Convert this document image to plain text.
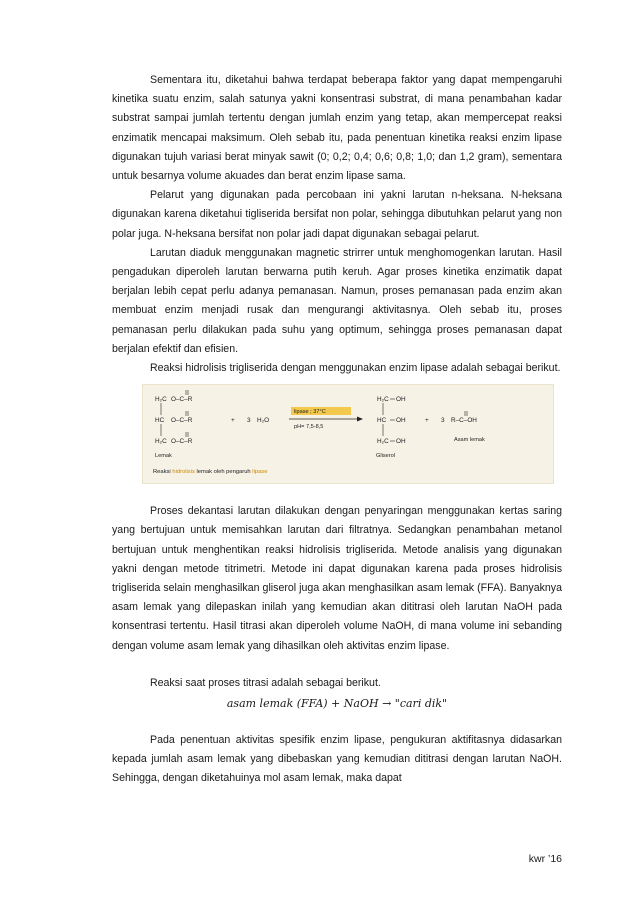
Sementara itu, diketahui bahwa terdapat beberapa faktor yang dapat mempengaruhi kinetika suatu enzim, salah satunya yakni konsentrasi substrat, di mana penambahan kadar substrat sampai jumlah tertentu dengan jumlah enzim yang tetap, akan mempercepat reaksi enzimatik mencapai maksimum. Oleh sebab itu, pada penentuan kinetika reaksi enzim lipase digunakan tujuh variasi berat minyak sawit (0; 0,2; 0,4; 0,6; 0,8; 1,0; dan 1,2 gram), sementara untuk besarnya volume akuades dan berat enzim lipase sama.

Pelarut yang digunakan pada percobaan ini yakni larutan n-heksana. N-heksana digunakan karena diketahui tigliserida bersifat non polar, sehingga dibutuhkan pelarut yang non polar juga. N-heksana bersifat non polar jadi dapat digunakan sebagai pelarut.

Larutan diaduk menggunakan magnetic strirrer untuk menghomogenkan larutan. Hasil pengadukan diperoleh larutan berwarna putih keruh. Agar proses kinetika enzimatik dapat berjalan lebih cepat perlu adanya pemanasan. Namun, proses pemanasan pada enzim akan membuat enzim menjadi rusak dan mengurangi aktivitasnya. Oleh sebab itu, proses pemanasan perlu dilakukan pada suhu yang optimum, sehingga proses pemanasan dapat berjalan efektif dan efisien.

Reaksi hidrolisis trigliserida dengan menggunakan enzim lipase adalah sebagai berikut.

H₂C O–C–R
HC O–C–R
H₂C O–C–R
Lemak
+ 3 H₂O
lipase ; 37°C
pH= 7,5-8,5
H₂C OH
HC OH
H₂C OH
Gliserol
+ 3 R–C–OH
Asam lemak
Reaksi hidrolisis lemak oleh pengaruh lipase

Proses dekantasi larutan dilakukan dengan penyaringan menggunakan kertas saring yang bertujuan untuk memisahkan larutan dari filtratnya. Sedangkan penambahan metanol bertujuan untuk menghentikan reaksi hidrolisis trigliserida. Metode analisis yang digunakan yakni dengan metode titrimetri. Metode ini dapat digunakan karena pada proses hidrolisis trigliserida selain menghasilkan gliserol juga akan menghasilkan asam lemak (FFA). Banyaknya asam lemak yang dilepaskan inilah yang kemudian akan dititrasi oleh larutan NaOH pada konsentrasi tertentu. Hasil titrasi akan diperoleh volume NaOH, di mana volume ini sebanding dengan volume asam lemak yang dihasilkan oleh aktivitas enzim lipase.

Reaksi saat proses titrasi adalah sebagai berikut.

asam lemak (FFA) + NaOH → "cari dik"

Pada penentuan aktivitas spesifik enzim lipase, pengukuran aktifitasnya didasarkan kepada jumlah asam lemak yang dibebaskan yang kemudian dititrasi dengan larutan NaOH. Sehingga, dengan diketahuinya mol asam lemak, maka dapat

kwr ’16
